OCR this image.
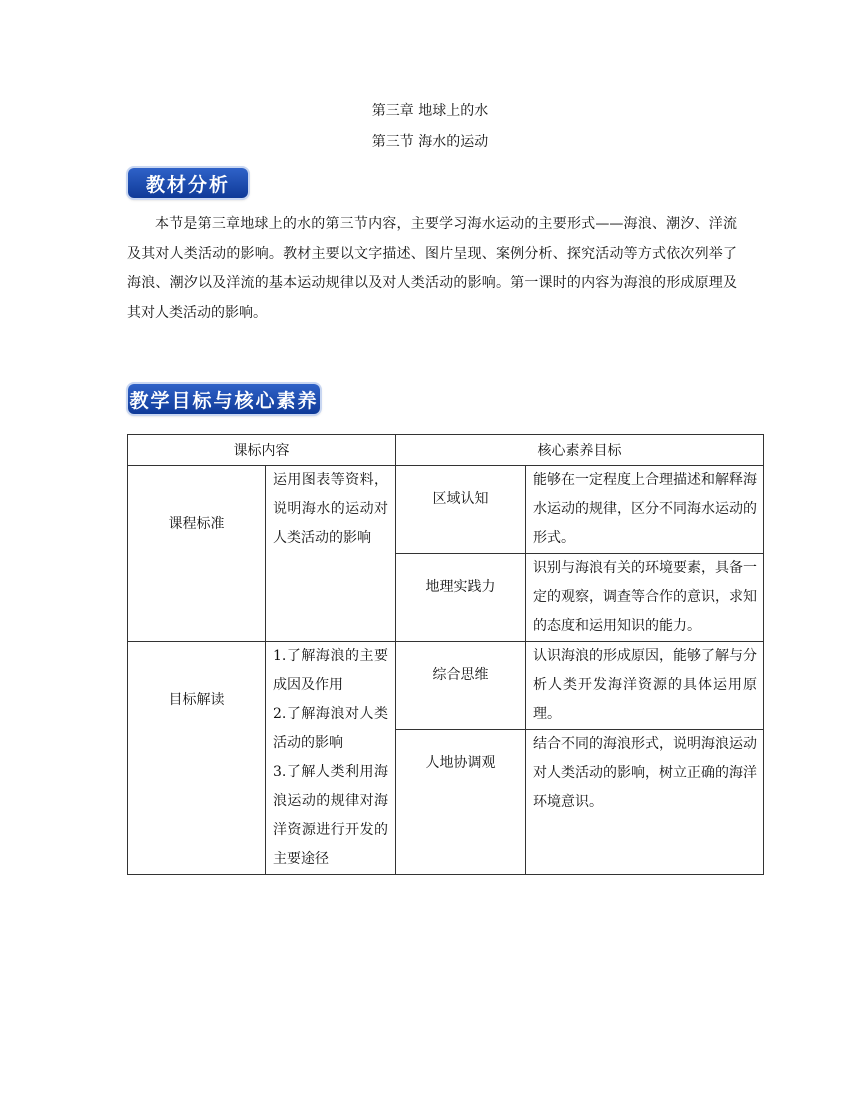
第三章 地球上的水
第三节 海水的运动
教材分析

本节是第三章地球上的水的第三节内容，主要学习海水运动的主要形式——海浪、潮汐、洋流及其对人类活动的影响。教材主要以文字描述、图片呈现、案例分析、探究活动等方式依次列举了海浪、潮汐以及洋流的基本运动规律以及对人类活动的影响。第一课时的内容为海浪的形成原理及其对人类活动的影响。

教学目标与核心素养
课标内容		核心素养目标	
课程标准	运用图表等资料，说明海水的运动对人类活动的影响	区域认知	能够在一定程度上合理描述和解释海水运动的规律，区分不同海水运动的形式。
		地理实践力	识别与海浪有关的环境要素，具备一定的观察，调查等合作的意识，求知的态度和运用知识的能力。
目标解读	1.了解海浪的主要成因及作用
2.了解海浪对人类活动的影响
3.了解人类利用海浪运动的规律对海洋资源进行开发的主要途径	综合思维	认识海浪的形成原因，能够了解与分析人类开发海洋资源的具体运用原理。
		人地协调观	结合不同的海浪形式，说明海浪运动对人类活动的影响，树立正确的海洋环境意识。
